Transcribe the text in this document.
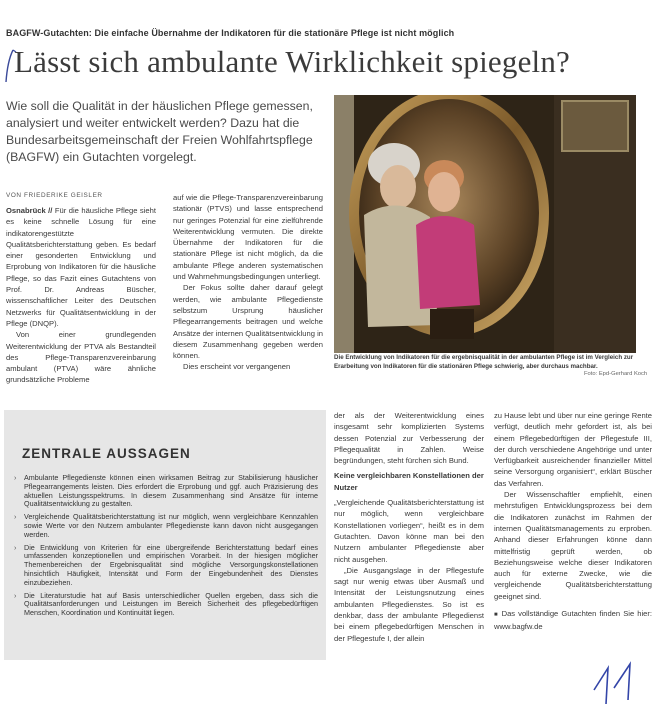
BAGFW-Gutachten: Die einfache Übernahme der Indikatoren für die stationäre Pflege ist nicht möglich
Lässt sich ambulante Wirklichkeit spiegeln?
Wie soll die Qualität in der häuslichen Pflege gemessen, analysiert und weiter entwickelt werden? Dazu hat die Bundesarbeitsgemeinschaft der Freien Wohlfahrtspflege (BAGFW) ein Gutachten vorgelegt.
VON FRIEDERIKE GEISLER

Osnabrück // Für die häusliche Pflege sieht es keine schnelle Lösung für eine indikatorengestützte Qualitätsberichterstattung geben. Es bedarf einer gesonderten Entwicklung und Erprobung von Indikatoren für die häusliche Pflege, so das Fazit eines Gutachtens von Prof. Dr. Andreas Büscher, wissenschaftlicher Leiter des Deutschen Netzwerks für Qualitätsentwicklung in der Pflege (DNQP).

Von einer grundlegenden Weiterentwicklung der PTVA als Bestandteil des Pflege-Transparenzvereinbarung ambulant (PTVA) wäre ähnliche grundsätzliche Probleme

auf wie die Pflege-Transparenzvereinbarung stationär (PTVS) und lasse entsprechend nur geringes Potenzial für eine zielführende Weiterentwicklung vermuten. Die direkte Übernahme der Indikatoren für die stationäre Pflege ist nicht möglich, da die ambulante Pflege anderen systematischen und Wahrnehmungsbedingungen unterliegt.

Der Fokus sollte daher darauf gelegt werden, wie ambulante Pflegedienste selbstzum Ursprung häuslicher Pflegearrangements beitragen und welche Ansätze der internen Qualitätsentwicklung in diesem Zusammenhang gegeben werden können.

Dies erscheint vor vergangenen

Die Entwicklung von Indikatoren für die ergebnisqualität in der ambulanten Pflege ist im Vergleich zur Erarbeitung von Indikatoren für die stationären Pflege schwierig, aber durchaus machbar.
Foto: Epd-Gerhard Koch
ZENTRALE AUSSAGEN
› Ambulante Pflegedienste können einen wirksamen Beitrag zur Stabilisierung häuslicher Pflegearrangements leisten. Dies erfordert die Erprobung und ggf. auch Präzisierung des aktuellen Leistungsspektrums. In diesem Zusammenhang sind Ansätze für interne Qualitätsentwicklung zu gestalten.
› Vergleichende Qualitätsberichterstattung ist nur möglich, wenn vergleichbare Kennzahlen sowie Werte vor den Nutzern ambulanter Pflegedienste kann davon nicht ausgegangen werden.
› Die Entwicklung von Kriterien für eine übergreifende Berichterstattung bedarf eines umfassenden konzeptionellen und empirischen Vorarbeit. In der hiesigen möglicher Themenbereichen der Ergebnisqualität sind mögliche Versorgungskonstellationen hinsichtlich Häufigkeit, Intensität und Form der Eingebundenheit des Dienstes einzubeziehen.
› Die Literaturstudie hat auf Basis unterschiedlicher Quellen ergeben, dass sich die Qualitätsanforderungen und Leistungen im Bereich Sicherheit des pflegebedürftigen Menschen, Koordination und Kontinuität liegen.

der als der Weiterentwicklung eines insgesamt sehr komplizierten Systems dessen Potenzial zur Verbesserung der Pflegequalität in Zahlen. Weise begründungen, steht fürchen sich Bund.

Keine vergleichbaren Konstellationen der Nutzer

„Vergleichende Qualitätsberichterstattung ist nur möglich, wenn vergleichbare Konstellationen vorliegen“, heißt es in dem Gutachten. Davon könne man bei den Nutzern ambulanter Pflegedienste aber nicht ausgehen.

„Die Ausgangslage in der Pflegestufe sagt nur wenig etwas über Ausmaß und Intensität der Leistungsnutzung eines ambulanten Pflegedienstes. So ist es denkbar, dass der ambulante Pflegedienst bei einem pflegebedürftigen Menschen in der Pflegestufe I, der allein

zu Hause lebt und über nur eine geringe Rente verfügt, deutlich mehr gefordert ist, als bei einem Pflegebedürftigen der Pflegestufe III, der durch verschiedene Angehörige und unter Verfügbarkeit ausreichender finanzieller Mittel seine Versorgung organisiert“, erklärt Büscher das Verfahren.

Der Wissenschaftler empfiehlt, einen mehrstufigen Entwicklungsprozess bei dem die Indikatoren zunächst im Rahmen der internen Qualitätsmanagements zu erproben. Anhand dieser Erfahrungen könne dann mittelfristig geprüft werden, ob Beziehungsweise welche dieser Indikatoren auch für externe Zwecke, wie die vergleichende Qualitätsberichterstattung geeignet sind.

■ Das vollständige Gutachten finden Sie hier: www.bagfw.de
